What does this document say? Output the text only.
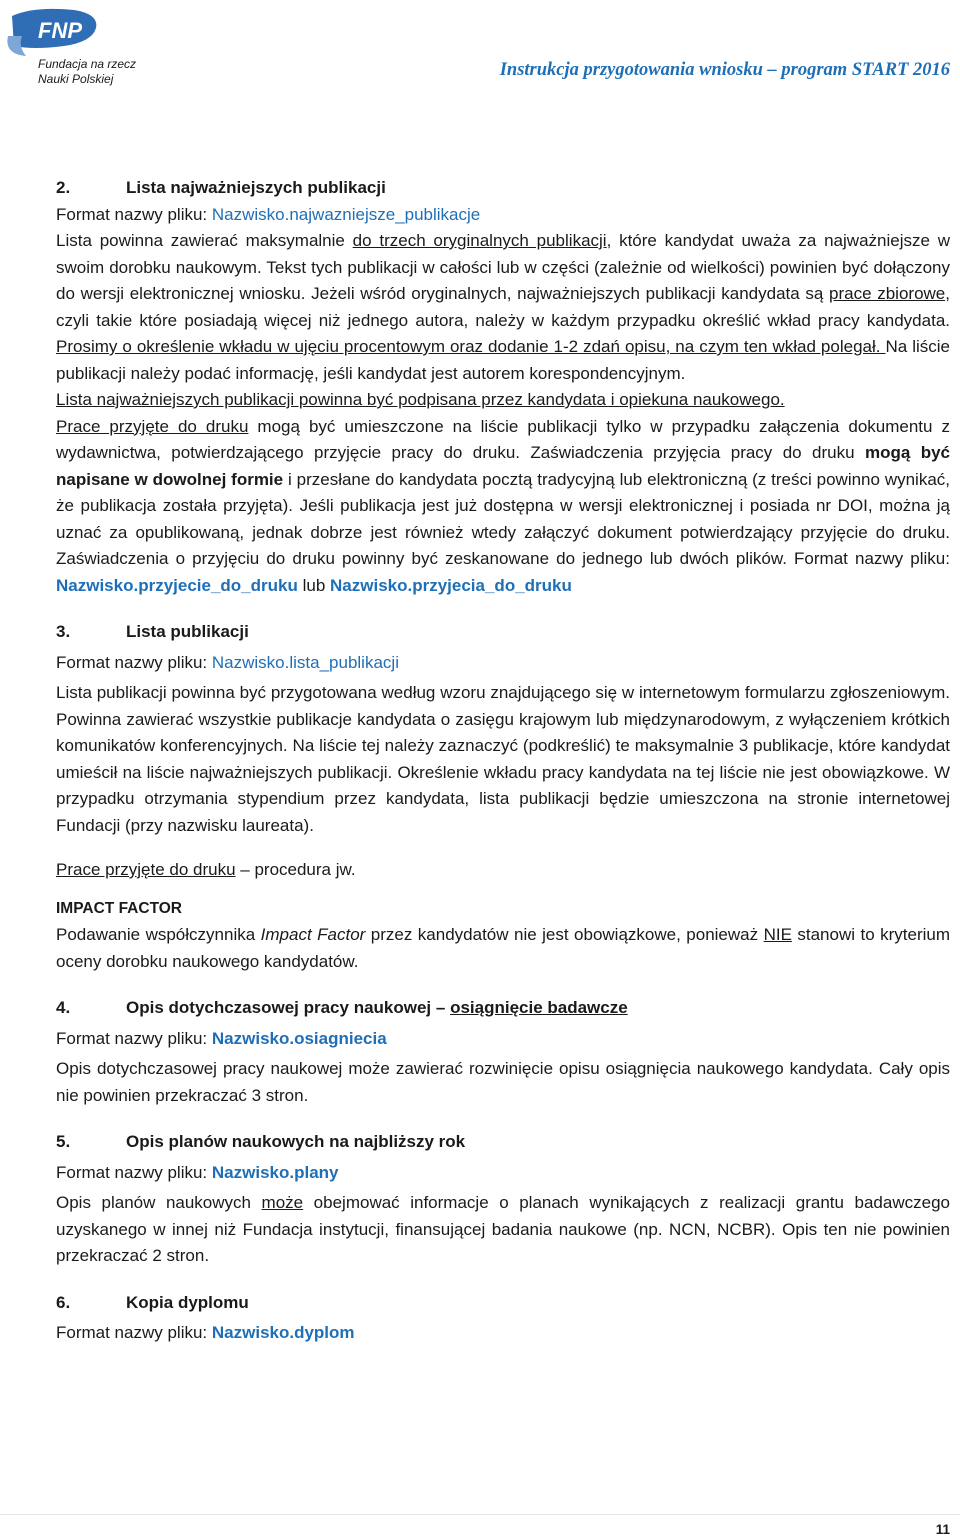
FNP
Fundacja na rzecz
Nauki Polskiej	Instrukcja przygotowania wniosku – program START 2016
2.	Lista najważniejszych publikacji

Format nazwy pliku: Nazwisko.najwazniejsze_publikacje

Lista powinna zawierać maksymalnie do trzech oryginalnych publikacji, które kandydat uważa za najważniejsze w swoim dorobku naukowym. Tekst tych publikacji w całości lub w części (zależnie od wielkości) powinien być dołączony do wersji elektronicznej wniosku. Jeżeli wśród oryginalnych, najważniejszych publikacji kandydata są prace zbiorowe, czyli takie które posiadają więcej niż jednego autora, należy w każdym przypadku określić wkład pracy kandydata. Prosimy o określenie wkładu w ujęciu procentowym oraz dodanie 1-2 zdań opisu, na czym ten wkład polegał. Na liście publikacji należy podać informację, jeśli kandydat jest autorem korespondencyjnym.

Lista najważniejszych publikacji powinna być podpisana przez kandydata i opiekuna naukowego.

Prace przyjęte do druku mogą być umieszczone na liście publikacji tylko w przypadku załączenia dokumentu z wydawnictwa, potwierdzającego przyjęcie pracy do druku. Zaświadczenia przyjęcia pracy do druku mogą być napisane w dowolnej formie i przesłane do kandydata pocztą tradycyjną lub elektroniczną (z treści powinno wynikać, że publikacja została przyjęta). Jeśli publikacja jest już dostępna w wersji elektronicznej i posiada nr DOI, można ją uznać za opublikowaną, jednak dobrze jest również wtedy załączyć dokument potwierdzający przyjęcie do druku. Zaświadczenia o przyjęciu do druku powinny być zeskanowane do jednego lub dwóch plików. Format nazwy pliku: Nazwisko.przyjecie_do_druku lub Nazwisko.przyjecia_do_druku

3.	Lista publikacji

Format nazwy pliku: Nazwisko.lista_publikacji

Lista publikacji powinna być przygotowana według wzoru znajdującego się w internetowym formularzu zgłoszeniowym. Powinna zawierać wszystkie publikacje kandydata o zasięgu krajowym lub międzynarodowym, z wyłączeniem krótkich komunikatów konferencyjnych. Na liście tej należy zaznaczyć (podkreślić) te maksymalnie 3 publikacje, które kandydat umieścił na liście najważniejszych publikacji. Określenie wkładu pracy kandydata na tej liście nie jest obowiązkowe. W przypadku otrzymania stypendium przez kandydata, lista publikacji będzie umieszczona na stronie internetowej Fundacji (przy nazwisku laureata).

Prace przyjęte do druku – procedura jw.

IMPACT FACTOR

Podawanie współczynnika Impact Factor przez kandydatów nie jest obowiązkowe, ponieważ NIE stanowi to kryterium oceny dorobku naukowego kandydatów.

4.	Opis dotychczasowej pracy naukowej – osiągnięcie badawcze

Format nazwy pliku: Nazwisko.osiagniecia

Opis dotychczasowej pracy naukowej może zawierać rozwinięcie opisu osiągnięcia naukowego kandydata. Cały opis nie powinien przekraczać 3 stron.

5.	Opis planów naukowych na najbliższy rok

Format nazwy pliku: Nazwisko.plany

Opis planów naukowych może obejmować informacje o planach wynikających z realizacji grantu badawczego uzyskanego w innej niż Fundacja instytucji, finansującej badania naukowe (np. NCN, NCBR). Opis ten nie powinien przekraczać 2 stron.

6.	Kopia dyplomu

Format nazwy pliku: Nazwisko.dyplom

11
